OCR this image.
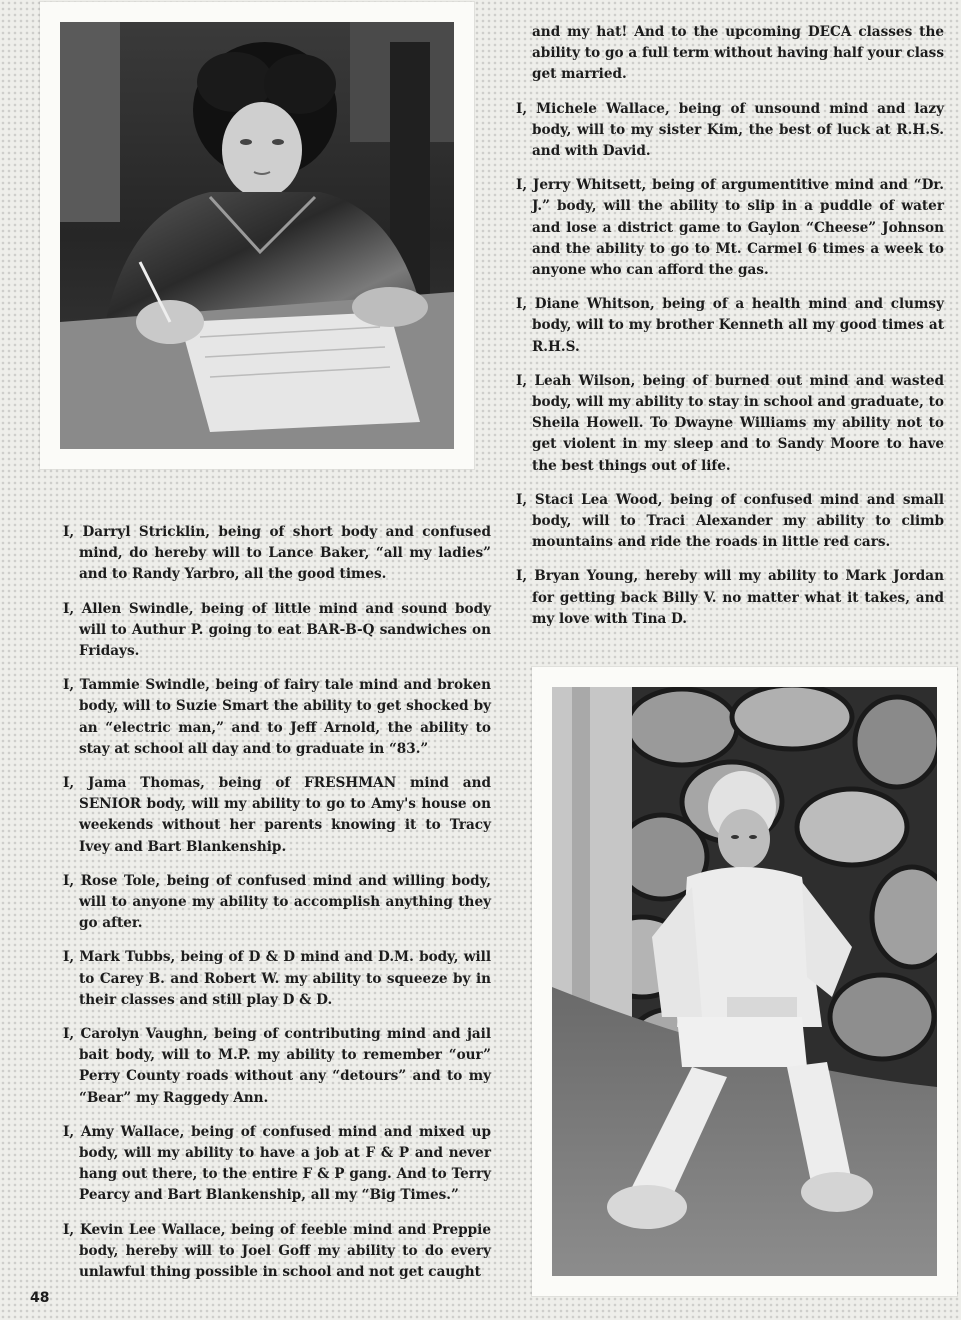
I, Darryl Stricklin, being of short body and confused mind, do hereby will to Lance Baker, “all my ladies” and to Randy Yarbro, all the good times.

I, Allen Swindle, being of little mind and sound body will to Authur P. going to eat BAR-B-Q sandwiches on Fridays.

I, Tammie Swindle, being of fairy tale mind and broken body, will to Suzie Smart the ability to get shocked by an “electric man,” and to Jeff Arnold, the ability to stay at school all day and to graduate in “83.”

I, Jama Thomas, being of FRESHMAN mind and SENIOR body, will my ability to go to Amy's house on weekends without her parents knowing it to Tracy Ivey and Bart Blankenship.

I, Rose Tole, being of confused mind and willing body, will to anyone my ability to accomplish anything they go after.

I, Mark Tubbs, being of D & D mind and D.M. body, will to Carey B. and Robert W. my ability to squeeze by in their classes and still play D & D.

I, Carolyn Vaughn, being of contributing mind and jail bait body, will to M.P. my ability to remember “our” Perry County roads without any “detours” and to my “Bear” my Raggedy Ann.

I, Amy Wallace, being of confused mind and mixed up body, will my ability to have a job at F & P and never hang out there, to the entire F & P gang. And to Terry Pearcy and Bart Blankenship, all my “Big Times.”

I, Kevin Lee Wallace, being of feeble mind and Preppie body, hereby will to Joel Goff my ability to do every unlawful thing possible in school and not get caught

and my hat! And to the upcoming DECA classes the ability to go a full term without having half your class get married.

I, Michele Wallace, being of unsound mind and lazy body, will to my sister Kim, the best of luck at R.H.S. and with David.

I, Jerry Whitsett, being of argumentitive mind and “Dr. J.” body, will the ability to slip in a puddle of water and lose a district game to Gaylon “Cheese” Johnson and the ability to go to Mt. Carmel 6 times a week to anyone who can afford the gas.

I, Diane Whitson, being of a health mind and clumsy body, will to my brother Kenneth all my good times at R.H.S.

I, Leah Wilson, being of burned out mind and wasted body, will my ability to stay in school and graduate, to Sheila Howell. To Dwayne Williams my ability not to get violent in my sleep and to Sandy Moore to have the best things out of life.

I, Staci Lea Wood, being of confused mind and small body, will to Traci Alexander my ability to climb mountains and ride the roads in little red cars.

I, Bryan Young, hereby will my ability to Mark Jordan for getting back Billy V. no matter what it takes, and my love with Tina D.

48
